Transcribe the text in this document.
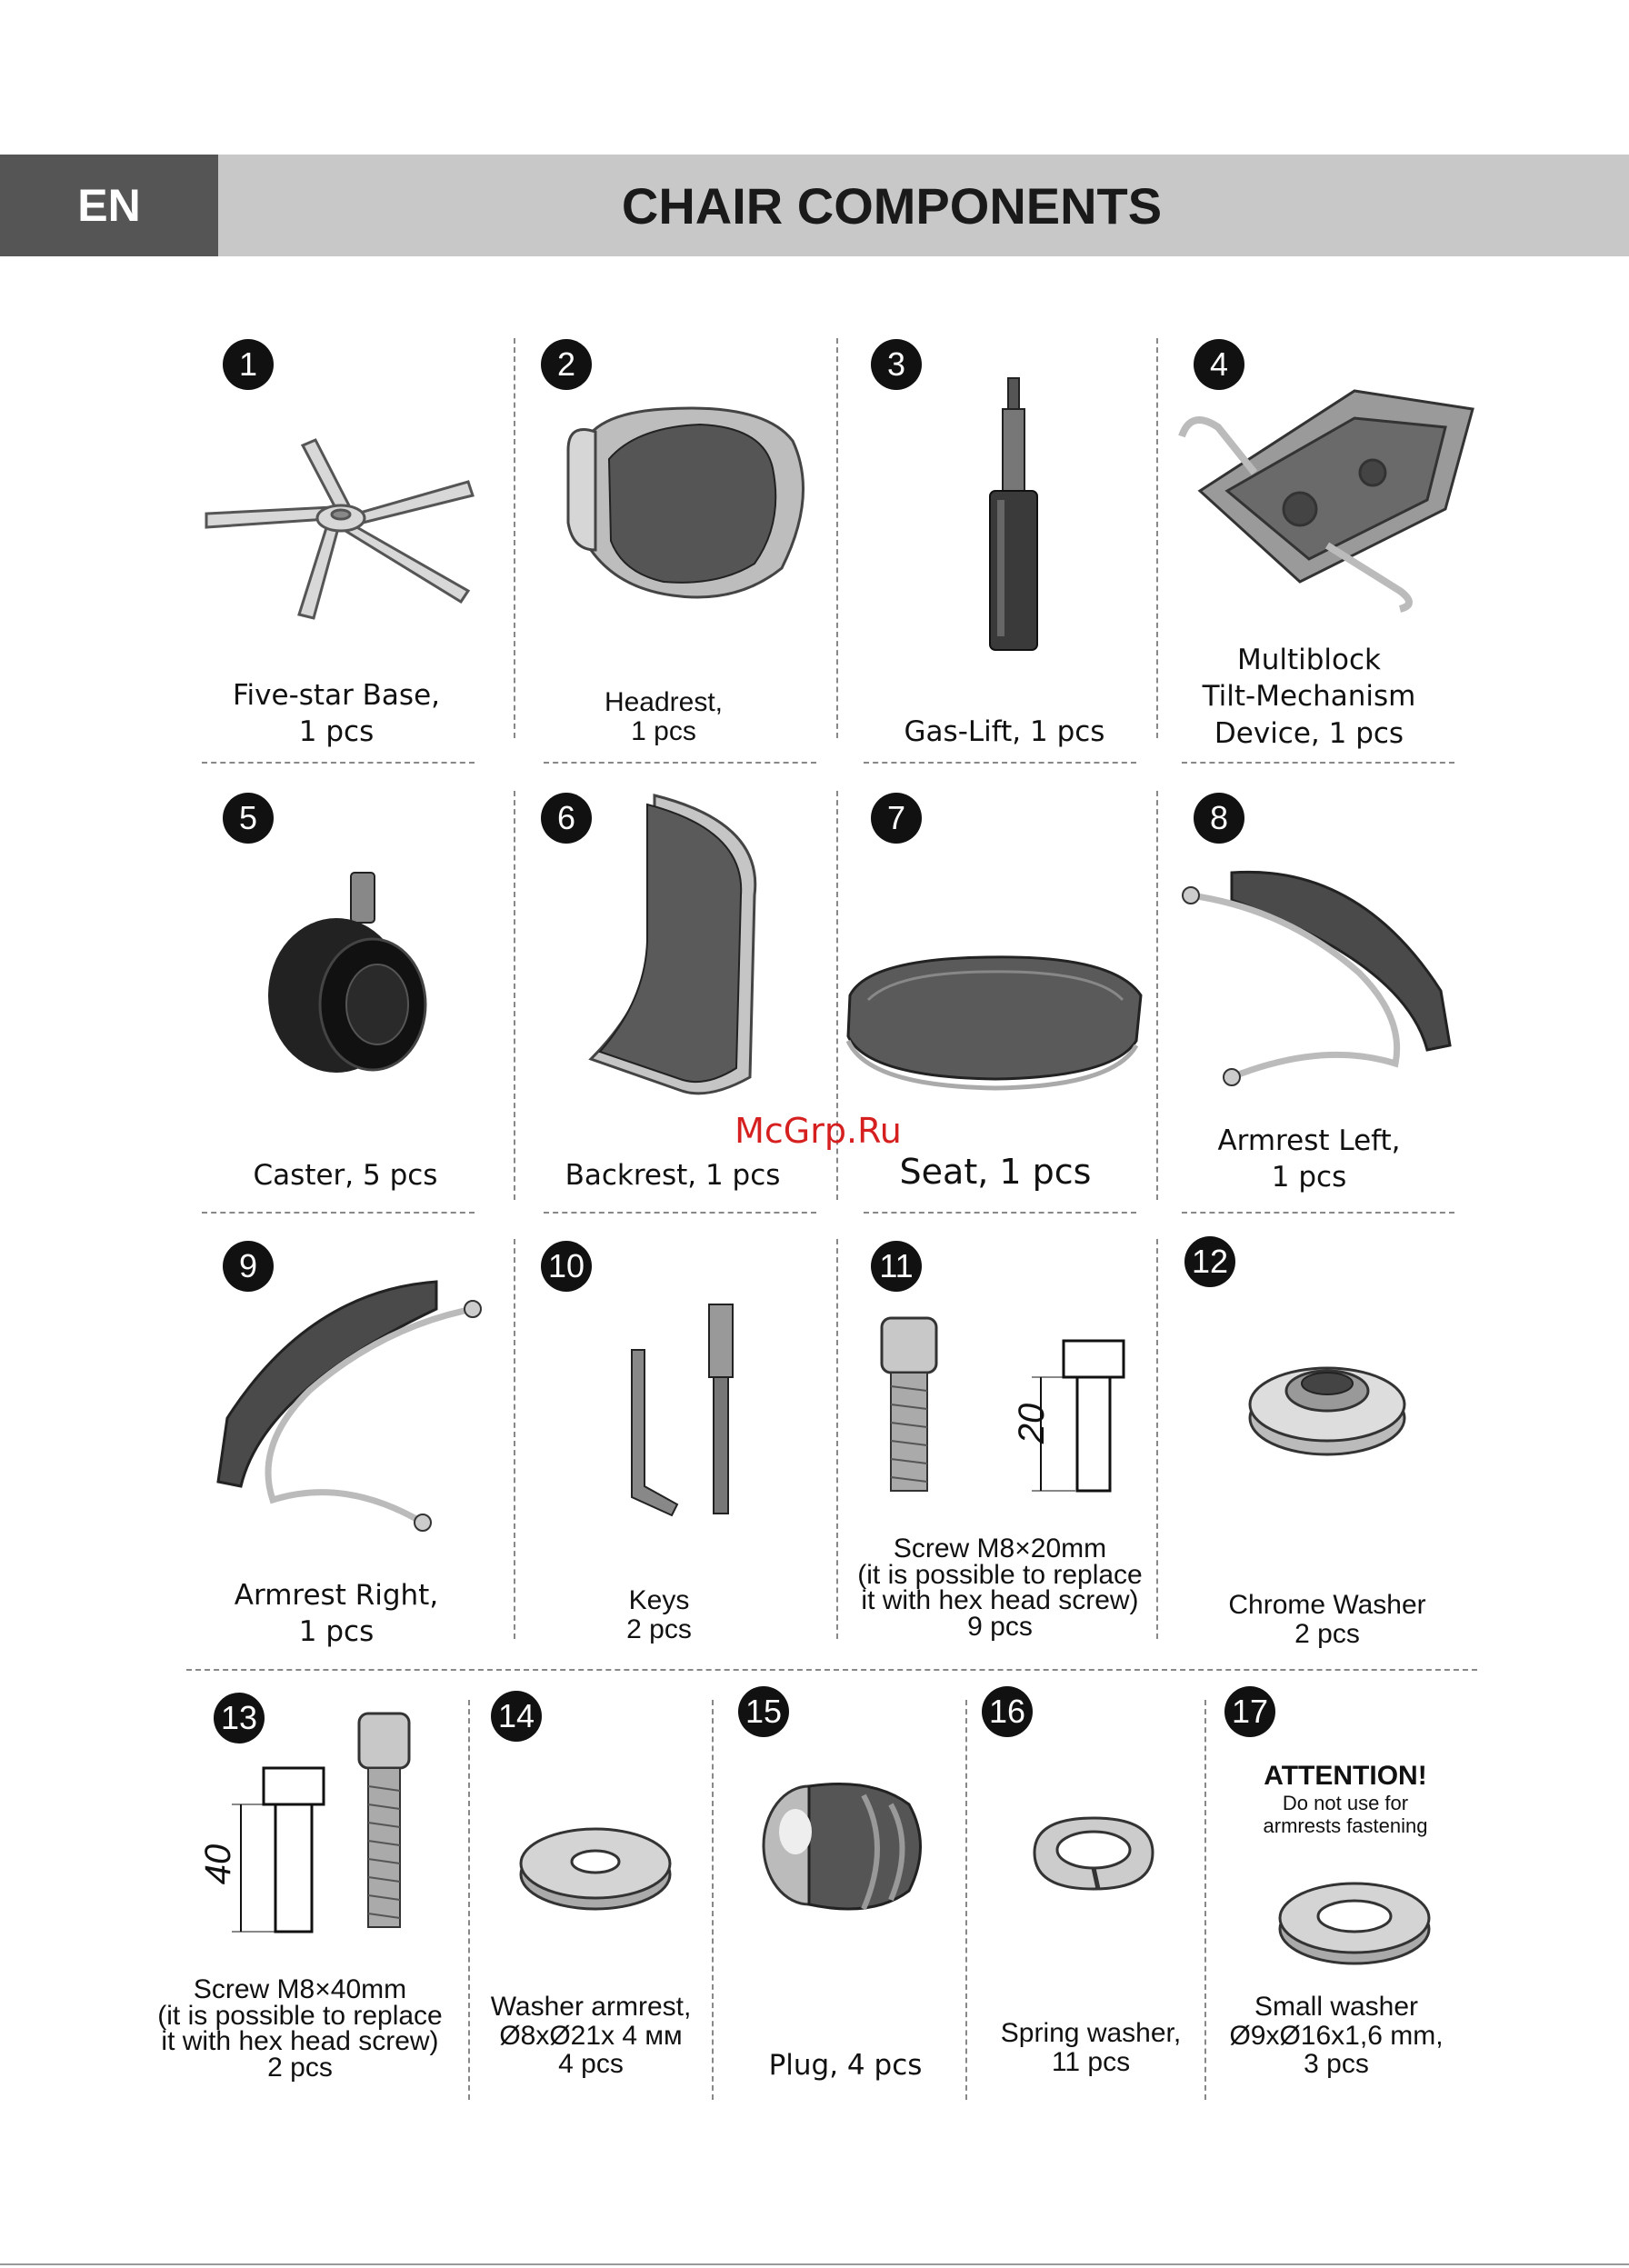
EN	CHAIR COMPONENTS
1
Five-star Base,
1 pcs
2
Headrest,
1 pcs
3
Gas-Lift, 1 pcs
4
Multiblock
Tilt-Mechanism
Device, 1 pcs
5
Caster, 5 pcs
6
Backrest, 1 pcs
7
Seat, 1 pcs
8
Armrest Left,
1 pcs
9
Armrest Right,
1 pcs
10
Keys
2 pcs
11
20
Screw M8×20mm
(it is possible to replace
it with hex head screw)
9 pcs
12
Chrome Washer
2 pcs
13
40
Screw M8×40mm
(it is possible to replace
it with hex head screw)
2 pcs
14
Washer armrest,
Ø8xØ21x 4 мм
4 pcs
15
Plug, 4 pcs
16
Spring washer,
11 pcs
17
ATTENTION!
Do not use for
armrests fastening
Small washer
Ø9xØ16x1,6 mm,
3 pcs
McGrp.Ru
